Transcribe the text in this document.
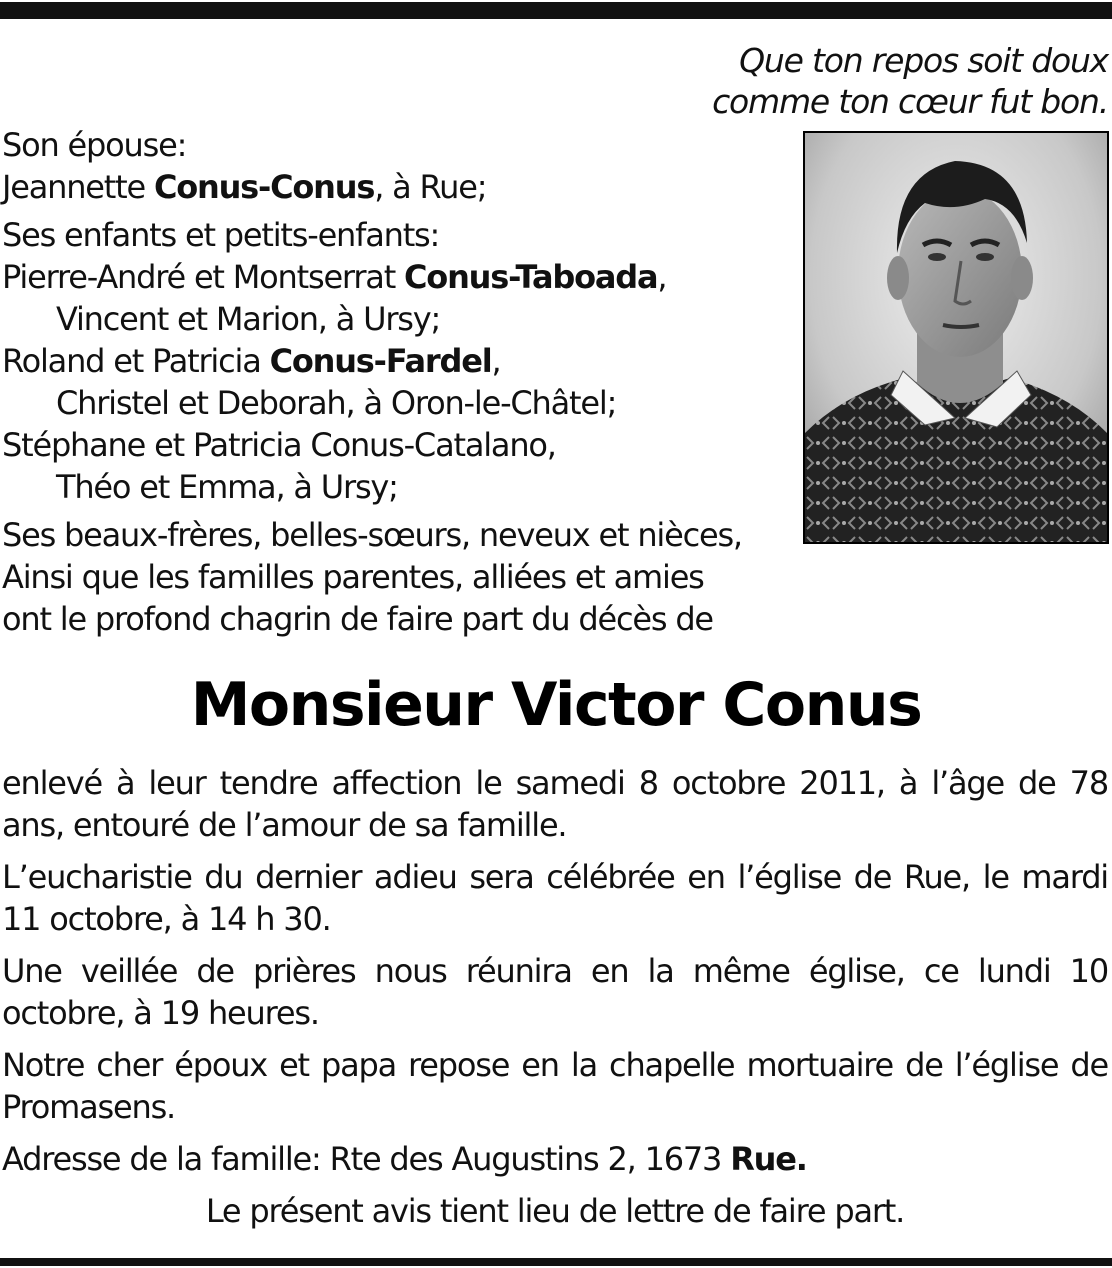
Que ton repos soit doux
comme ton cœur fut bon.

Son épouse:

Jeannette Conus-Conus, à Rue;

Ses enfants et petits-enfants:

Pierre-André et Montserrat Conus-Taboada,

Vincent et Marion, à Ursy;

Roland et Patricia Conus-Fardel,

Christel et Deborah, à Oron-le-Châtel;

Stéphane et Patricia Conus-Catalano,

Théo et Emma, à Ursy;

Ses beaux-frères, belles-sœurs, neveux et nièces,

Ainsi que les familles parentes, alliées et amies

ont le profond chagrin de faire part du décès de

Monsieur Victor Conus

enlevé à leur tendre affection le samedi 8 octobre 2011, à l’âge de 78 ans, entouré de l’amour de sa famille.

L’eucharistie du dernier adieu sera célébrée en l’église de Rue, le mardi 11 octobre, à 14 h 30.

Une veillée de prières nous réunira en la même église, ce lundi 10 octobre, à 19 heures.

Notre cher époux et papa repose en la chapelle mortuaire de l’église de Promasens.

Adresse de la famille: Rte des Augustins 2, 1673 Rue.

Le présent avis tient lieu de lettre de faire part.
